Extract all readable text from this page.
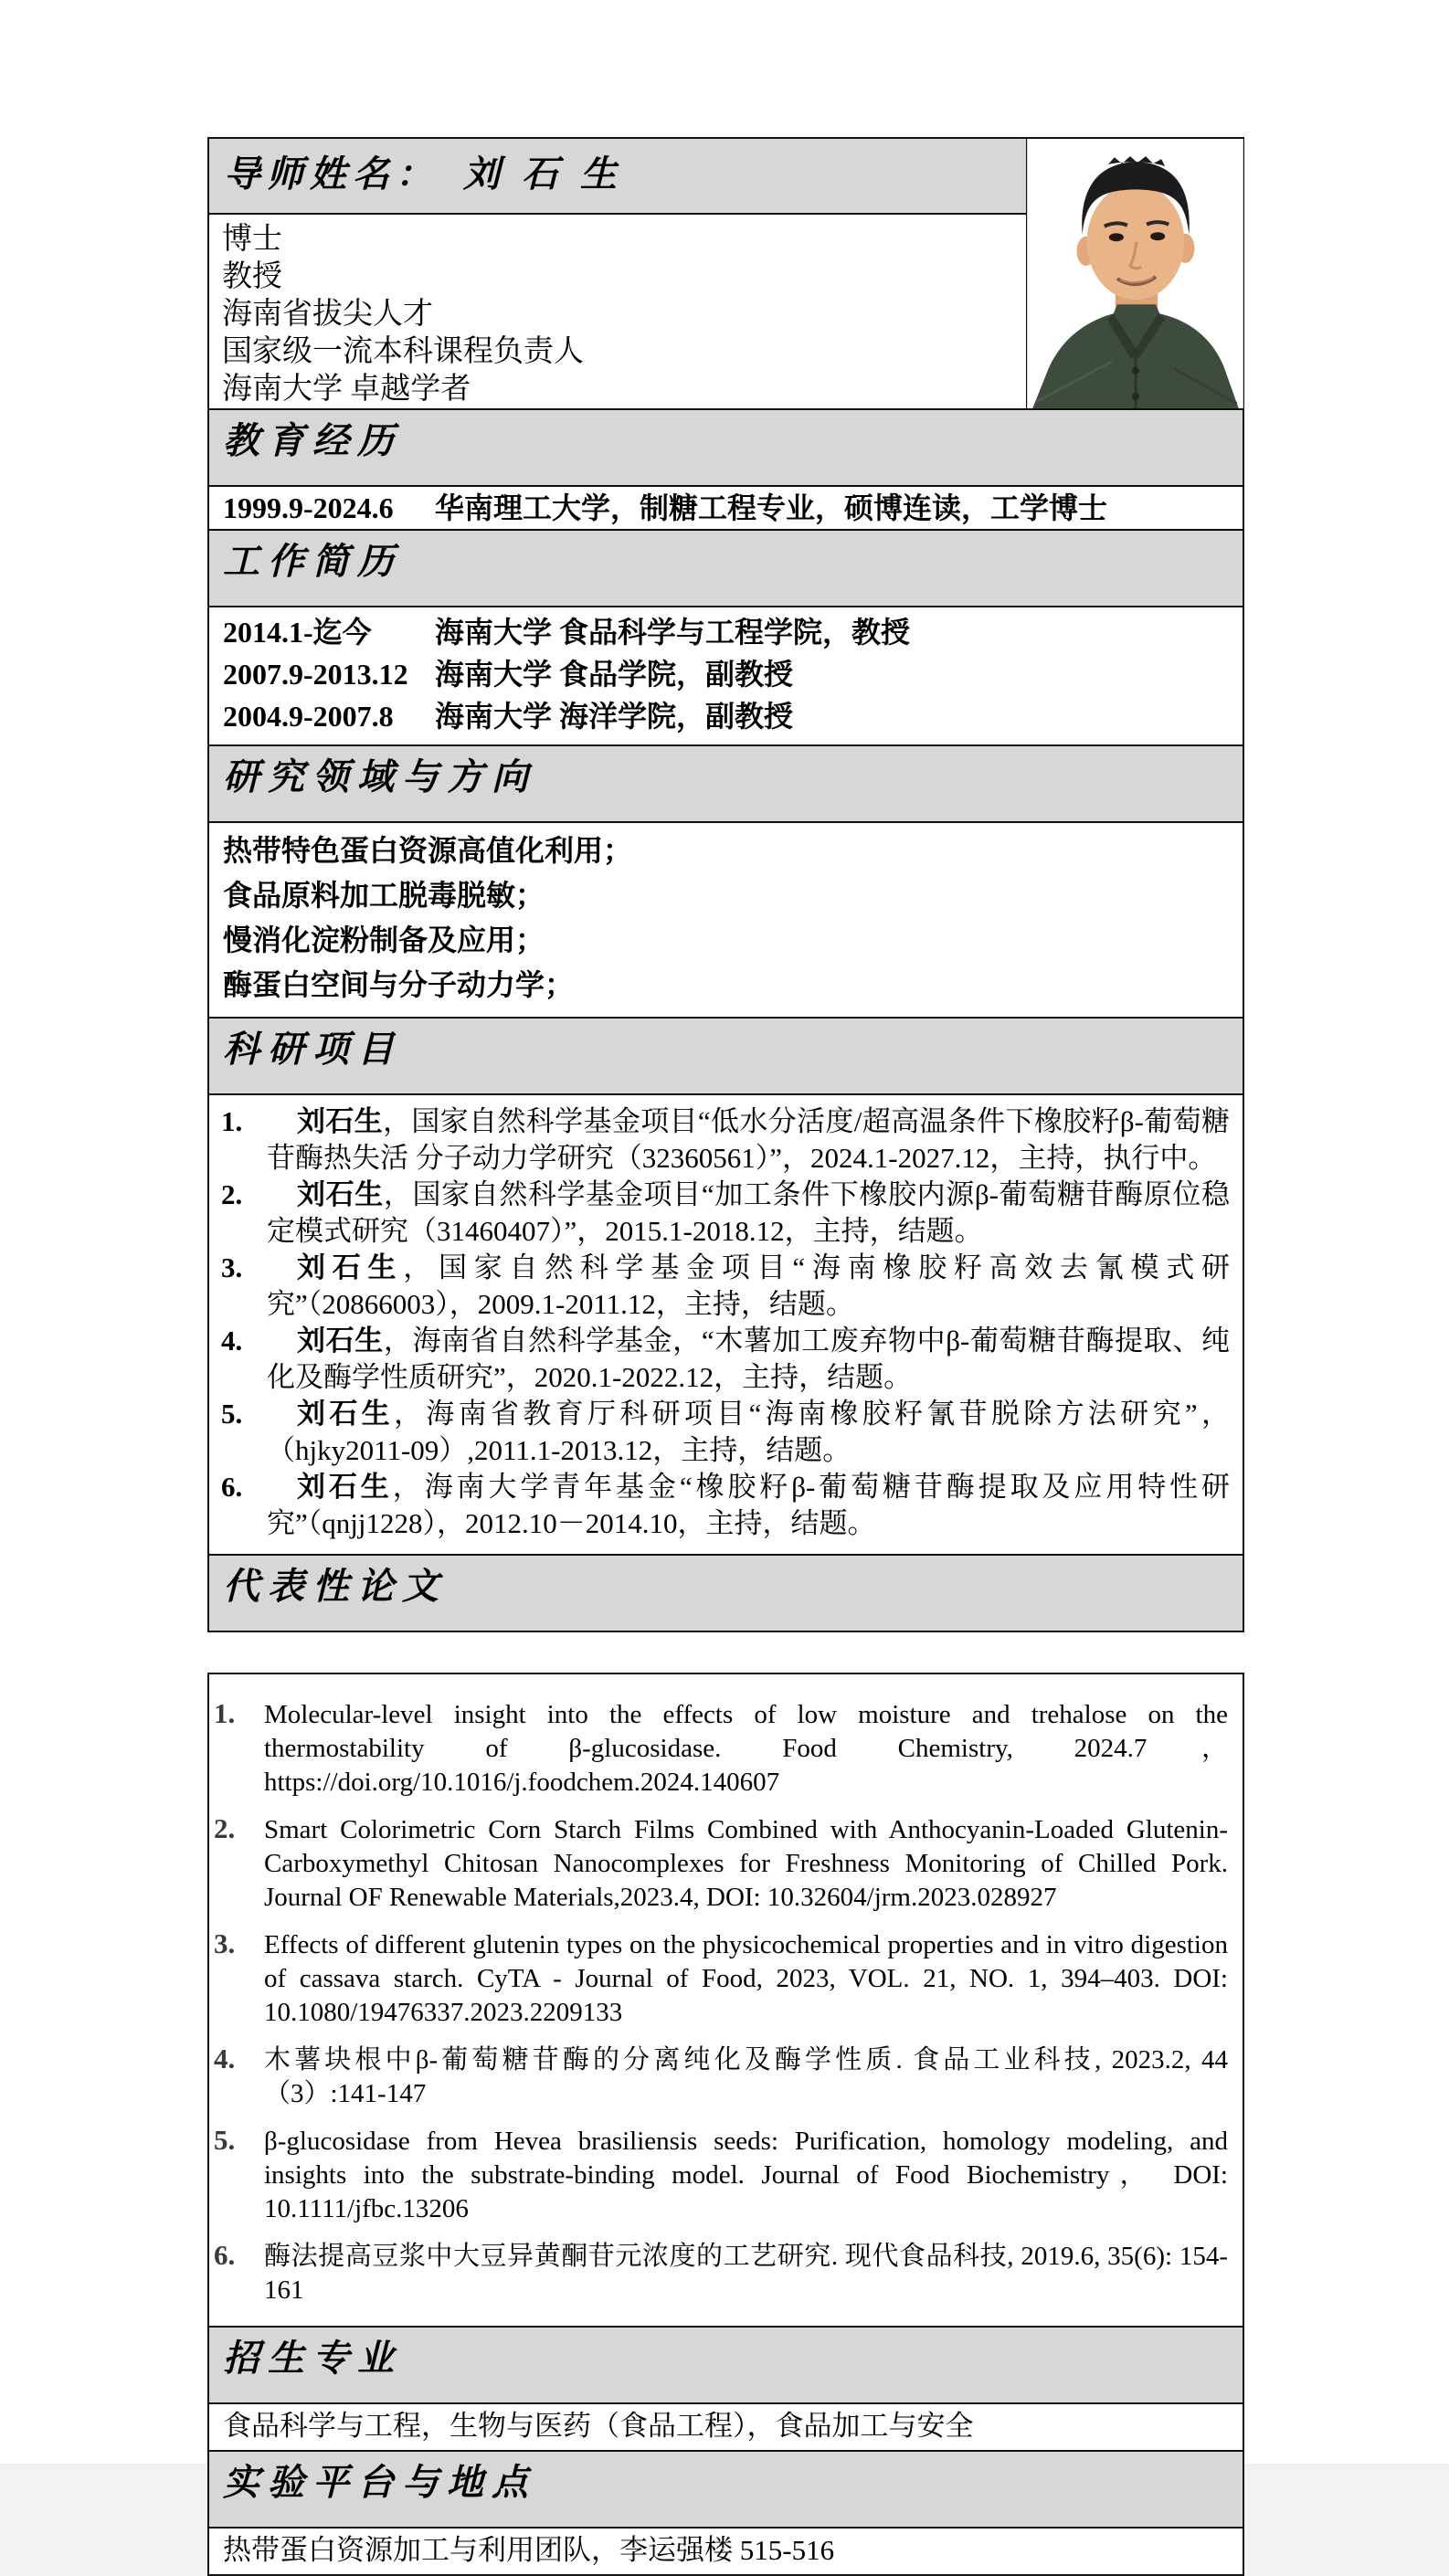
导师姓名：　刘 石 生
博士
教授
海南省拔尖人才
国家级一流本科课程负责人
海南大学 卓越学者
教育经历
1999.9-2024.6	华南理工大学，制糖工程专业，硕博连读，工学博士
工作简历
2014.1-迄今	海南大学 食品科学与工程学院，教授
2007.9-2013.12 海南大学 食品学院，副教授
2004.9-2007.8	海南大学 海洋学院，副教授
研究领域与方向
热带特色蛋白资源高值化利用；
食品原料加工脱毒脱敏；
慢消化淀粉制备及应用；
酶蛋白空间与分子动力学；
科研项目
1. 刘石生，国家自然科学基金项目“低水分活度/超高温条件下橡胶籽β-葡萄糖苷酶热失活 分子动力学研究（32360561）”，2024.1-2027.12，主持，执行中。
2. 刘石生，国家自然科学基金项目“加工条件下橡胶内源β-葡萄糖苷酶原位稳定模式研究（31460407）”，2015.1-2018.12，主持，结题。
3. 刘石生，国家自然科学基金项目“海南橡胶籽高效去氰模式研究”（20866003），2009.1-2011.12，主持，结题。
4. 刘石生，海南省自然科学基金，“木薯加工废弃物中β-葡萄糖苷酶提取、纯化及酶学性质研究”，2020.1-2022.12，主持，结题。
5. 刘石生，海南省教育厅科研项目“海南橡胶籽氰苷脱除方法研究”，（hjky2011-09）,2011.1-2013.12，主持，结题。
6. 刘石生，海南大学青年基金“橡胶籽β-葡萄糖苷酶提取及应用特性研究”（qnjj1228），2012.10－2014.10，主持，结题。
代表性论文
1. Molecular-level insight into the effects of low moisture and trehalose on the thermostability of β-glucosidase. Food Chemistry, 2024.7， https://doi.org/10.1016/j.foodchem.2024.140607
2. Smart Colorimetric Corn Starch Films Combined with Anthocyanin-Loaded Glutenin-Carboxymethyl Chitosan Nanocomplexes for Freshness Monitoring of Chilled Pork. Journal OF Renewable Materials,2023.4, DOI: 10.32604/jrm.2023.028927
3. Effects of different glutenin types on the physicochemical properties and in vitro digestion of cassava starch. CyTA - Journal of Food, 2023, VOL. 21, NO. 1, 394–403. DOI: 10.1080/19476337.2023.2209133
4. 木薯块根中β-葡萄糖苷酶的分离纯化及酶学性质. 食品工业科技, 2023.2, 44（3）:141-147
5. β-glucosidase from Hevea brasiliensis seeds: Purification, homology modeling, and insights into the substrate-binding model. Journal of Food Biochemistry， DOI: 10.1111/jfbc.13206
6. 酶法提高豆浆中大豆异黄酮苷元浓度的工艺研究. 现代食品科技, 2019.6, 35(6): 154-161
招生专业
食品科学与工程，生物与医药（食品工程），食品加工与安全
实验平台与地点
热带蛋白资源加工与利用团队，李运强楼 515-516
